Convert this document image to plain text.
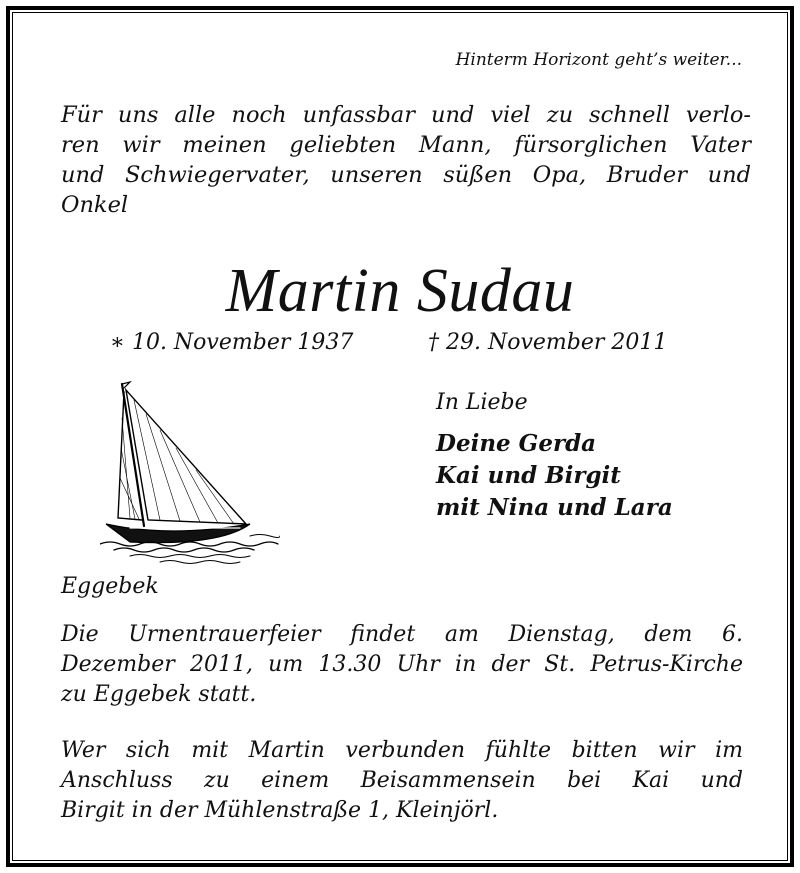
Hinterm Horizont geht’s weiter...

Für uns alle noch unfassbar und viel zu schnell verlo-
ren wir meinen geliebten Mann, fürsorglichen Vater
und Schwiegervater, unseren süßen Opa, Bruder und
Onkel

Martin Sudau
∗ 10. November 1937	† 29. November 2011
In Liebe
Deine Gerda
Kai und Birgit
mit Nina und Lara
Eggebek

Die Urnentrauerfeier findet am Dienstag, dem 6.
Dezember 2011, um 13.30 Uhr in der St. Petrus-Kirche
zu Eggebek statt.

Wer sich mit Martin verbunden fühlte bitten wir im
Anschluss zu einem Beisammensein bei Kai und
Birgit in der Mühlenstraße 1, Kleinjörl.
